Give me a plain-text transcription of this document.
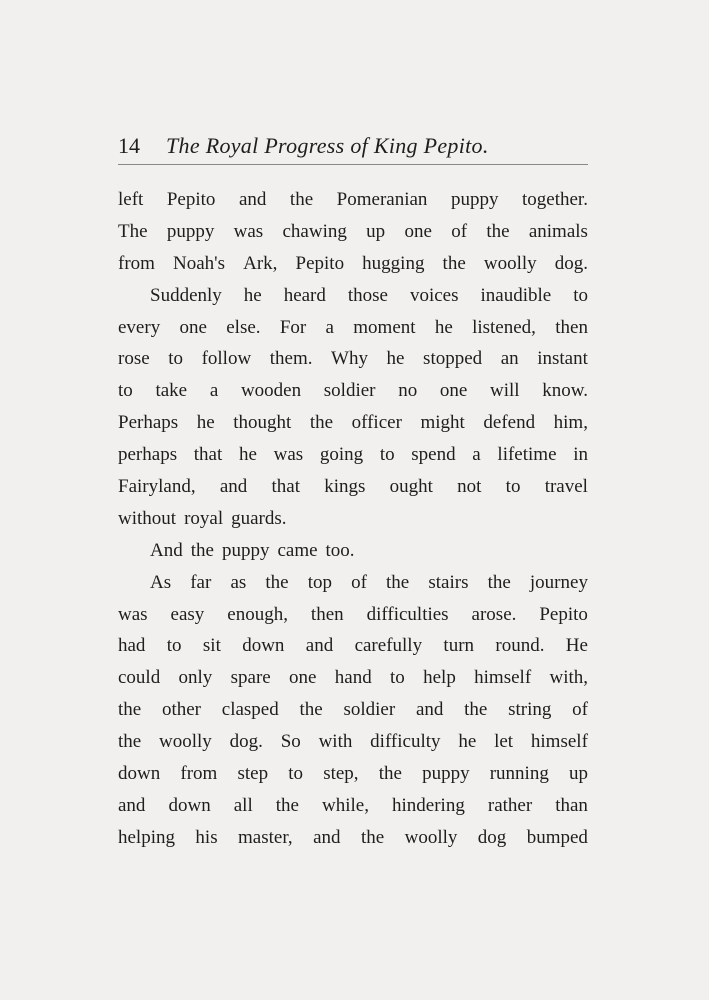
14 The Royal Progress of King Pepito.
left Pepito and the Pomeranian puppy together.
The puppy was chawing up one of the animals
from Noah's Ark, Pepito hugging the woolly dog.
Suddenly he heard those voices inaudible to
every one else. For a moment he listened, then
rose to follow them. Why he stopped an instant
to take a wooden soldier no one will know.
Perhaps he thought the officer might defend him,
perhaps that he was going to spend a lifetime in
Fairyland, and that kings ought not to travel
without royal guards.
And the puppy came too.
As far as the top of the stairs the journey
was easy enough, then difficulties arose. Pepito
had to sit down and carefully turn round. He
could only spare one hand to help himself with,
the other clasped the soldier and the string of
the woolly dog. So with difficulty he let himself
down from step to step, the puppy running up
and down all the while, hindering rather than
helping his master, and the woolly dog bumped
